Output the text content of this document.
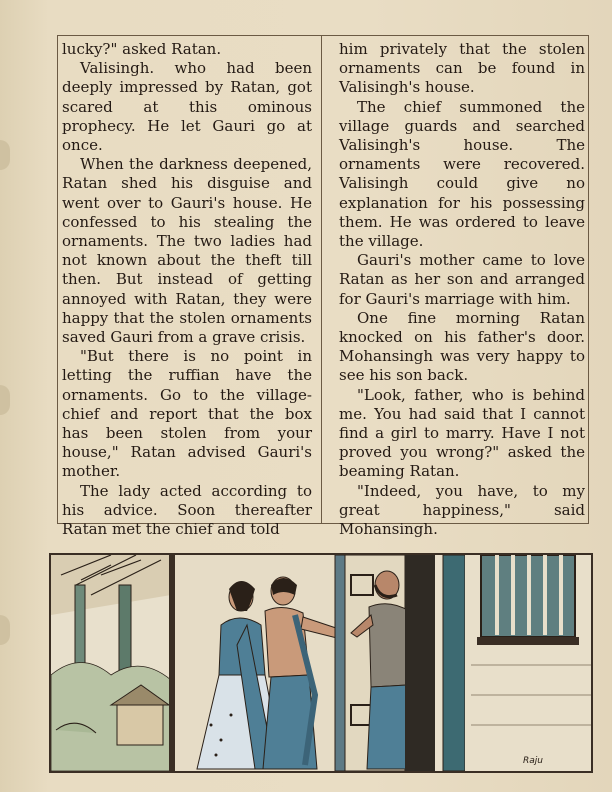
lucky?" asked Ratan.

Valisingh. who had been deeply impressed by Ratan, got scared at this ominous prophecy. He let Gauri go at once.

When the darkness deepened, Ratan shed his disguise and went over to Gauri's house. He confessed to his stealing the ornaments. The two ladies had not known about the theft till then. But instead of getting annoyed with Ratan, they were happy that the stolen ornaments saved Gauri from a grave crisis.

"But there is no point in letting the ruffian have the ornaments. Go to the village-chief and report that the box has been stolen from your house," Ratan advised Gauri's mother.

The lady acted according to his advice. Soon thereafter Ratan met the chief and told

him privately that the stolen ornaments can be found in Valisingh's house.

The chief summoned the village guards and searched Valisingh's house. The ornaments were recovered. Valisingh could give no explanation for his possessing them. He was ordered to leave the village.

Gauri's mother came to love Ratan as her son and arranged for Gauri's marriage with him.

One fine morning Ratan knocked on his father's door. Mohansingh was very happy to see his son back.

"Look, father, who is behind me. You had said that I cannot find a girl to marry. Have I not proved you wrong?" asked the beaming Ratan.

"Indeed, you have, to my great happiness," said Mohansingh.

Raju
